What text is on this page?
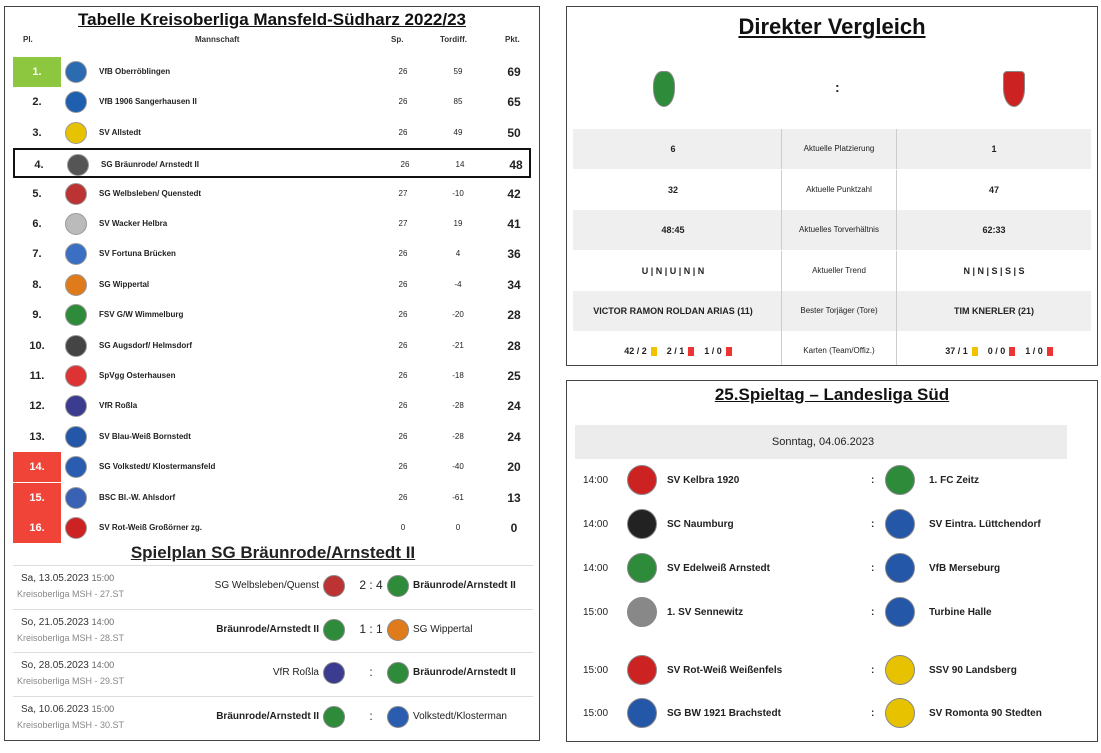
Tabelle Kreisoberliga Mansfeld-Südharz 2022/23
Pl.	Mannschaft	Sp.	Tordiff.	Pkt.
1.	VfB Oberröblingen	26	59	69
2.	VfB 1906 Sangerhausen II	26	85	65
3.	SV Allstedt	26	49	50
4.	SG Bräunrode/ Arnstedt II	26	14	48
5.	SG Welbsleben/ Quenstedt	27	-10	42
6.	SV Wacker Helbra	27	19	41
7.	SV Fortuna Brücken	26	4	36
8.	SG Wippertal	26	-4	34
9.	FSV G/W Wimmelburg	26	-20	28
10.	SG Augsdorf/ Helmsdorf	26	-21	28
11.	SpVgg Osterhausen	26	-18	25
12.	VfR Roßla	26	-28	24
13.	SV Blau-Weiß Bornstedt	26	-28	24
14.	SG Volkstedt/ Klostermansfeld	26	-40	20
15.	BSC Bl.-W. Ahlsdorf	26	-61	13
16.	SV Rot-Weiß Großörner zg.	0	0	0
Spielplan SG Bräunrode/Arnstedt II
Sa, 13.05.2023 15:00
Kreisoberliga MSH - 27.ST
SG Welbsleben/Quenst	2 : 4	Bräunrode/Arnstedt II
So, 21.05.2023 14:00
Kreisoberliga MSH - 28.ST
Bräunrode/Arnstedt II	1 : 1	SG Wippertal
So, 28.05.2023 14:00
Kreisoberliga MSH - 29.ST
VfR Roßla	:	Bräunrode/Arnstedt II
Sa, 10.06.2023 15:00
Kreisoberliga MSH - 30.ST
Bräunrode/Arnstedt II	:	Volkstedt/Klosterman
Direkter Vergleich
:
6	Aktuelle Platzierung	1
32	Aktuelle Punktzahl	47
48:45	Aktuelles Torverhältnis	62:33
U | N | U | N | N	Aktueller Trend	N | N | S | S | S
VICTOR RAMON ROLDAN ARIAS (11)	Bester Torjäger (Tore)	TIM KNERLER (21)
42 / 2 2 / 1 1 / 0	Karten (Team/Offiz.)	37 / 1 0 / 0 1 / 0
25.Spieltag – Landesliga Süd
Sonntag, 04.06.2023
14:00	SV Kelbra 1920	:	1. FC Zeitz
14:00	SC Naumburg	:	SV Eintra. Lüttchendorf
14:00	SV Edelweiß Arnstedt	:	VfB Merseburg
15:00	1. SV Sennewitz	:	Turbine Halle
15:00	SV Rot-Weiß Weißenfels	:	SSV 90 Landsberg
15:00	SG BW 1921 Brachstedt	:	SV Romonta 90 Stedten
